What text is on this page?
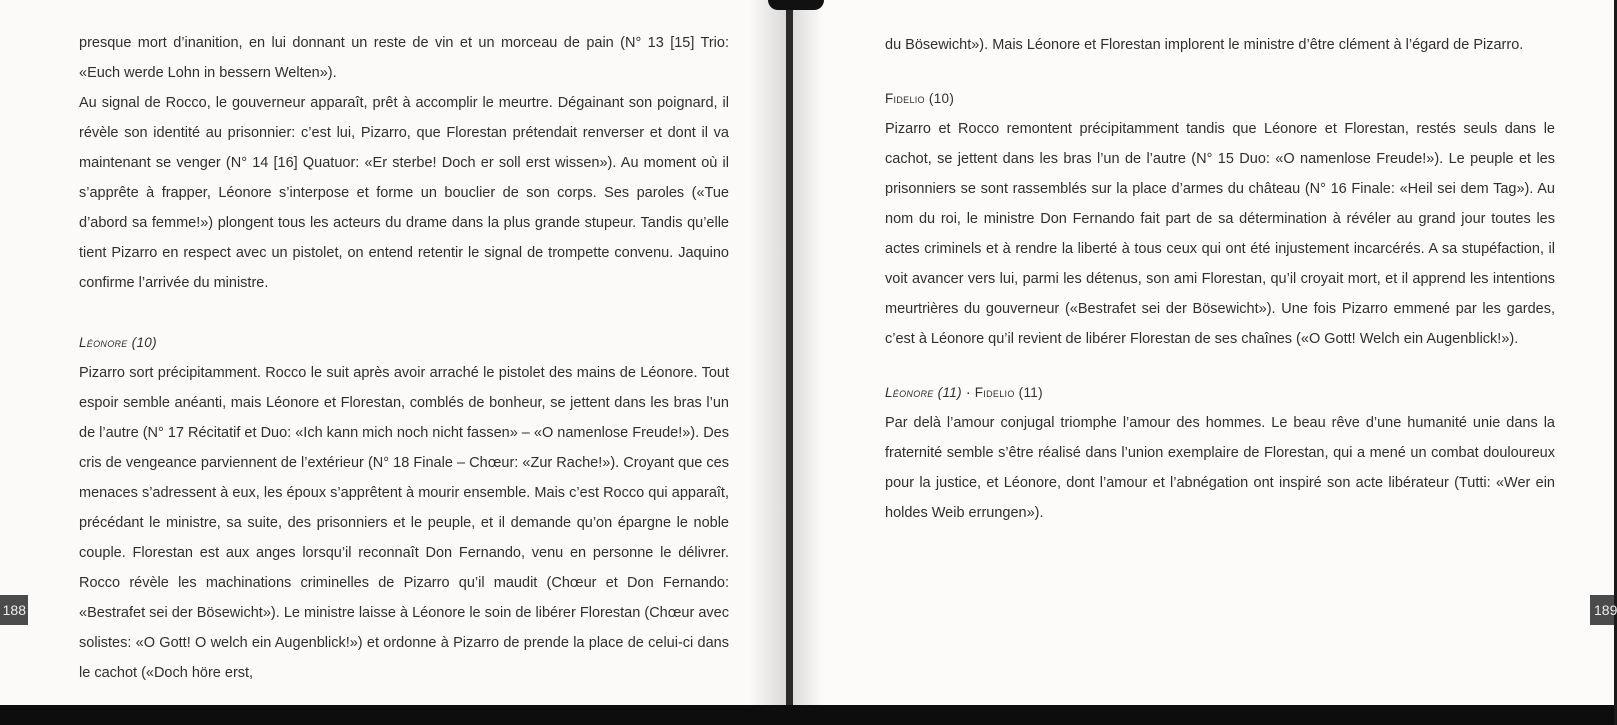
presque mort d’inanition, en lui donnant un reste de vin et un morceau de pain (N° 13 [15] Trio: «Euch werde Lohn in bessern Welten»).

Au signal de Rocco, le gouverneur apparaît, prêt à accomplir le meurtre. Dégainant son poignard, il révèle son identité au prisonnier: c’est lui, Pizarro, que Florestan prétendait renverser et dont il va maintenant se venger (N° 14 [16] Quatuor: «Er sterbe! Doch er soll erst wissen»). Au moment où il s’apprête à frapper, Léonore s’interpose et forme un bouclier de son corps. Ses paroles («Tue d’abord sa femme!») plongent tous les acteurs du drame dans la plus grande stupeur. Tandis qu’elle tient Pizarro en respect avec un pistolet, on entend retentir le signal de trompette convenu. Jaquino confirme l’arrivée du ministre.

Léonore (10)

Pizarro sort précipitamment. Rocco le suit après avoir arraché le pistolet des mains de Léonore. Tout espoir semble anéanti, mais Léonore et Florestan, comblés de bonheur, se jettent dans les bras l’un de l’autre (N° 17 Récitatif et Duo: «Ich kann mich noch nicht fassen» – «O namenlose Freude!»). Des cris de vengeance parviennent de l’extérieur (N° 18 Finale – Chœur: «Zur Rache!»). Croyant que ces menaces s’adressent à eux, les époux s’apprêtent à mourir ensemble. Mais c’est Rocco qui apparaît, précédant le ministre, sa suite, des prisonniers et le peuple, et il demande qu’on épargne le noble couple. Florestan est aux anges lorsqu’il reconnaît Don Fernando, venu en personne le délivrer. Rocco révèle les machinations criminelles de Pizarro qu’il maudit (Chœur et Don Fernando: «Bestrafet sei der Bösewicht»). Le ministre laisse à Léonore le soin de libérer Florestan (Chœur avec solistes: «O Gott! O welch ein Augenblick!») et ordonne à Pizarro de prende la place de celui-ci dans le cachot («Doch höre erst,

188

du Bösewicht»). Mais Léonore et Florestan implorent le ministre d’être clément à l’égard de Pizarro.

Fidelio (10)

Pizarro et Rocco remontent précipitamment tandis que Léonore et Florestan, restés seuls dans le cachot, se jettent dans les bras l’un de l’autre (N° 15 Duo: «O namenlose Freude!»). Le peuple et les prisonniers se sont rassemblés sur la place d’armes du château (N° 16 Finale: «Heil sei dem Tag»). Au nom du roi, le ministre Don Fernando fait part de sa détermination à révéler au grand jour toutes les actes criminels et à rendre la liberté à tous ceux qui ont été injustement incarcérés. A sa stupéfaction, il voit avancer vers lui, parmi les détenus, son ami Florestan, qu’il croyait mort, et il apprend les intentions meurtrières du gouverneur («Bestrafet sei der Bösewicht»). Une fois Pizarro emmené par les gardes, c’est à Léonore qu’il revient de libérer Florestan de ses chaînes («O Gott! Welch ein Augenblick!»).

Léonore (11) · Fidelio (11)

Par delà l’amour conjugal triomphe l’amour des hommes. Le beau rêve d’une humanité unie dans la fraternité semble s’être réalisé dans l’union exemplaire de Florestan, qui a mené un combat douloureux pour la justice, et Léonore, dont l’amour et l’abnégation ont inspiré son acte libérateur (Tutti: «Wer ein holdes Weib errungen»).

189
